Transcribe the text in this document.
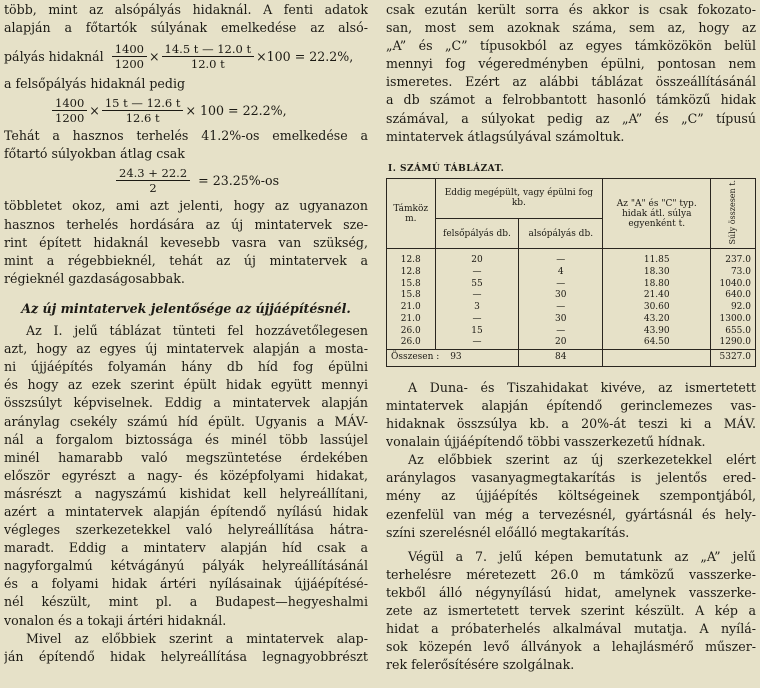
több, mint az alsópályás hidaknál. A fenti adatok
alapján a főtartók súlyának emelkedése az alsó-
pályás hidaknál $\frac{1400}{1200} \times \frac{14.5 t — 12.0 t}{12.0 t} \times 100 = 22.2\%$,
a felsőpályás hidaknál pedig
$\frac{1400}{1200} \times \frac{15 t — 12.6 t}{12.6 t} \times 100 = 22.2\%$,
Tehát a hasznos terhelés 41.2%-os emelkedése a
főtartó súlyokban átlag csak
$\frac{24.3 + 22.2}{2} = 23.25\%-os$
többletet okoz, ami azt jelenti, hogy az ugyanazon
hasznos terhelés hordására az új mintatervek sze-
rint épített hidaknál kevesebb vasra van szükség,
mint a régebbieknél, tehát az új mintatervek a
régieknél gazdaságosabbak.
Az új mintatervek jelentősége az újjáépítésnél.
Az I. jelű táblázat tünteti fel hozzávetőlegesen
azt, hogy az egyes új mintatervek alapján a mosta-
ni újjáépítés folyamán hány db híd fog épülni
és hogy az ezek szerint épült hidak együtt mennyi
összsúlyt képviselnek. Eddig a mintatervek alapján
aránylag csekély számú híd épült. Ugyanis a MÁV-
nál a forgalom biztossága és minél több lassújel
minél hamarabb való megszüntetése érdekében
először egyrészt a nagy- és középfolyami hidakat,
másrészt a nagyszámú kishidat kell helyreállítani,
azért a mintatervek alapján építendő nyílású hidak
végleges szerkezetekkel való helyreállítása hátra-
maradt. Eddig a mintaterv alapján híd csak a
nagyforgalmú kétvágányú pályák helyreállításánál
és a folyami hidak ártéri nyílásainak újjáépítésé-
nél készült, mint pl. a Budapest—hegyeshalmi
vonalon és a tokaji ártéri hidaknál.
Mivel az előbbiek szerint a mintatervek alap-
ján építendő hidak helyreállítása legnagyobbrészt
csak ezután került sorra és akkor is csak fokozato-
san, most sem azoknak száma, sem az, hogy az
„A” és „C” típusokból az egyes támközökön belül
mennyi fog végeredményben épülni, pontosan nem
ismeretes. Ezért az alábbi táblázat összeállításánál
a db számot a felrobbantott hasonló támközű hidak
számával, a súlyokat pedig az „A” és „C” típusú
mintatervek átlagsúlyával számoltuk.
I. SZÁMÚ TÁBLÁZAT.
Támköz m.	Eddig megépült, vagy épülni fog kb.		Az "A" és "C" typ. hidak átl. súlya egyenként t.	Súly összesen t.
	felsőpályás db.	alsópályás db.		
12.8	20	—	11.85	237.0
12.8	—	4	18.30	73.0
15.8	55	—	18.80	1040.0
15.8	—	30	21.40	640.0
21.0	3	—	30.60	92.0
21.0	—	30	43.20	1300.0
26.0	15	—	43.90	655.0
26.0	—	20	64.50	1290.0
Összesen : 93		84		5327.0
A Duna- és Tiszahidakat kivéve, az ismertetett
mintatervek alapján építendő gerinclemezes vas-
hidaknak összsúlya kb. a 20%-át teszi ki a MÁV.
vonalain újjáépítendő többi vasszerkezetű hídnak.
Az előbbiek szerint az új szerkezetekkel elért
aránylagos vasanyagmegtakarítás is jelentős ered-
mény az újjáépítés költségeinek szempontjából,
ezenfelül van még a tervezésnél, gyártásnál és hely-
színi szerelésnél előálló megtakarítás.
Végül a 7. jelű képen bemutatunk az „A” jelű
terhelésre méretezett 26.0 m támközű vasszerke-
tekből álló négynyílású hidat, amelynek vasszerke-
zete az ismertetett tervek szerint készült. A kép a
hidat a próbaterhelés alkalmával mutatja. A nyílá-
sok közepén levő állványok a lehajlásmérő műszer-
rek felerősítésére szolgálnak.
